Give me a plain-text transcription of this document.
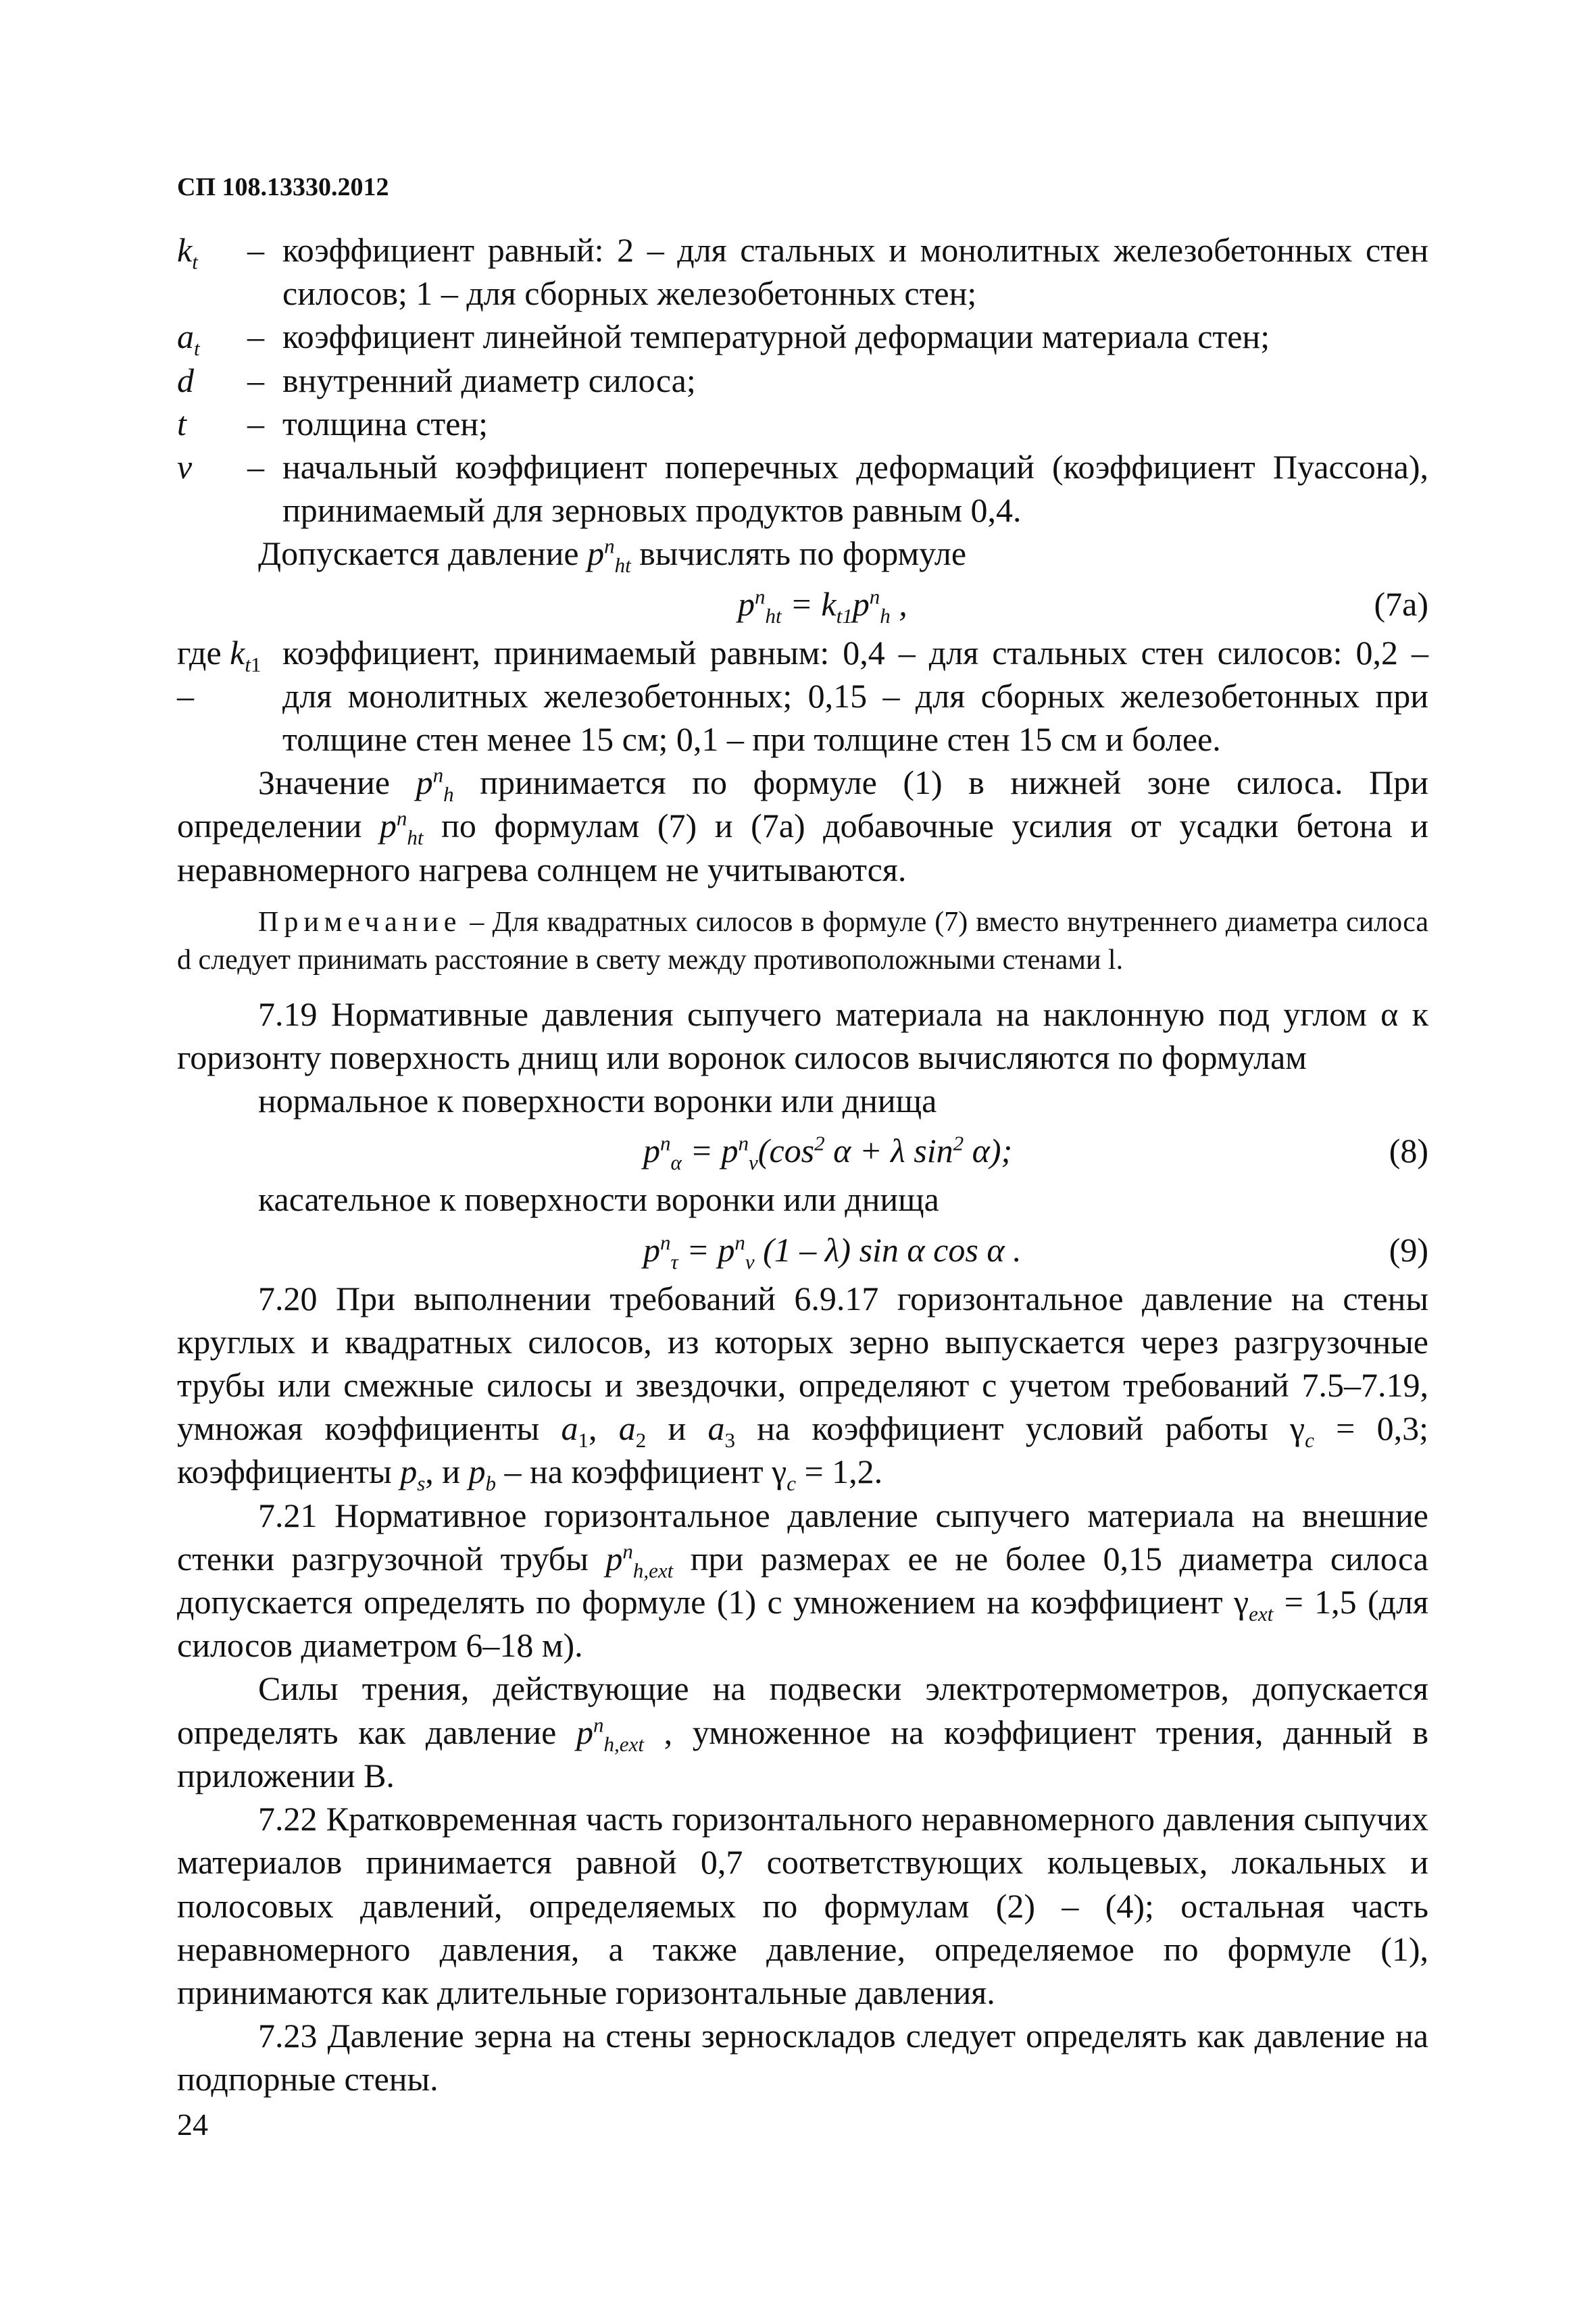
СП 108.13330.2012
$k_t$	– коэффициент равный: 2 – для стальных и монолитных железобетонных стен силосов; 1 – для сборных железобетонных стен;
$a_t$	– коэффициент линейной температурной деформации материала стен;
d	– внутренний диаметр силоса;
t	– толщина стен;
ν	– начальный коэффициент поперечных деформаций (коэффициент Пуассона), принимаемый для зерновых продуктов равным 0,4.

Допускается давление $p^n_{ht}$ вычислять по формуле

$p^n_{ht} = k_{t1}p^n_h$ ,	(7а)
где $k_{t1}$ –
коэффициент, принимаемый равным: 0,4 – для стальных стен силосов: 0,2 – для монолитных железобетонных; 0,15 – для сборных железобетонных при толщине стен менее 15 см; 0,1 – при толщине стен 15 см и более.

Значение $p^n_h$ принимается по формуле (1) в нижней зоне силоса. При определении $p^n_{ht}$ по формулам (7) и (7а) добавочные усилия от усадки бетона и неравномерного нагрева солнцем не учитываются.

Примечание – Для квадратных силосов в формуле (7) вместо внутреннего диаметра силоса d следует принимать расстояние в свету между противоположными стенами l.

7.19 Нормативные давления сыпучего материала на наклонную под углом α к горизонту поверхность днищ или воронок силосов вычисляются по формулам

нормальное к поверхности воронки или днища

$p^n_\alpha = p^n_v(\cos^2$ α + λ $\sin^2 \alpha$);	(8)

касательное к поверхности воронки или днища

$p^n_\tau = p^n_v$ (1 – λ) sin α cos α .	(9)

7.20 При выполнении требований 6.9.17 горизонтальное давление на стены круглых и квадратных силосов, из которых зерно выпускается через разгрузочные трубы или смежные силосы и звездочки, определяют с учетом требований 7.5–7.19, умножая коэффициенты $a_1$, $a_2$ и $a_3$ на коэффициент условий работы $\gamma_c = 0,3$; коэффициенты $p_s$, и $p_b$ – на коэффициент $\gamma_c = 1,2$.

7.21 Нормативное горизонтальное давление сыпучего материала на внешние стенки разгрузочной трубы $p^n_{h,ext}$ при размерах ее не более 0,15 диаметра силоса допускается определять по формуле (1) с умножением на коэффициент $\gamma_{ext} = 1,5$ (для силосов диаметром 6–18 м).

Силы трения, действующие на подвески электротермометров, допускается определять как давление $p^n_{h,ext}$ , умноженное на коэффициент трения, данный в приложении В.

7.22 Кратковременная часть горизонтального неравномерного давления сыпучих материалов принимается равной 0,7 соответствующих кольцевых, локальных и полосовых давлений, определяемых по формулам (2) – (4); остальная часть неравномерного давления, а также давление, определяемое по формуле (1), принимаются как длительные горизонтальные давления.

7.23 Давление зерна на стены зерноскладов следует определять как давление на подпорные стены.

24
